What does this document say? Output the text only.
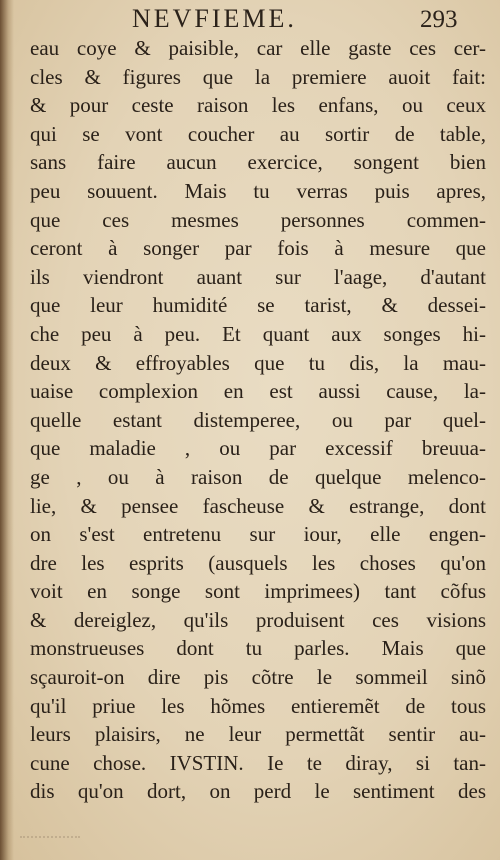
NEVFIEME.	293
eau coye & paisible, car elle gaste ces cer-
cles & figures que la premiere auoit fait:
& pour ceste raison les enfans, ou ceux
qui se vont coucher au sortir de table,
sans faire aucun exercice, songent bien
peu souuent. Mais tu verras puis apres,
que ces mesmes personnes commen-
ceront à songer par fois à mesure que
ils viendront auant sur l'aage, d'autant
que leur humidité se tarist, & dessei-
che peu à peu. Et quant aux songes hi-
deux & effroyables que tu dis, la mau-
uaise complexion en est aussi cause, la-
quelle estant distemperee, ou par quel-
que maladie , ou par excessif breuua-
ge , ou à raison de quelque melenco-
lie, & pensee fascheuse & estrange, dont
on s'est entretenu sur iour, elle engen-
dre les esprits (ausquels les choses qu'on
voit en songe sont imprimees) tant cõfus
& dereiglez, qu'ils produisent ces visions
monstrueuses dont tu parles. Mais que
sçauroit-on dire pis cõtre le sommeil sinõ
qu'il priue les hõmes entieremẽt de tous
leurs plaisirs, ne leur permettãt sentir au-
cune chose. IVSTIN. Ie te diray, si tan-
dis qu'on dort, on perd le sentiment des
